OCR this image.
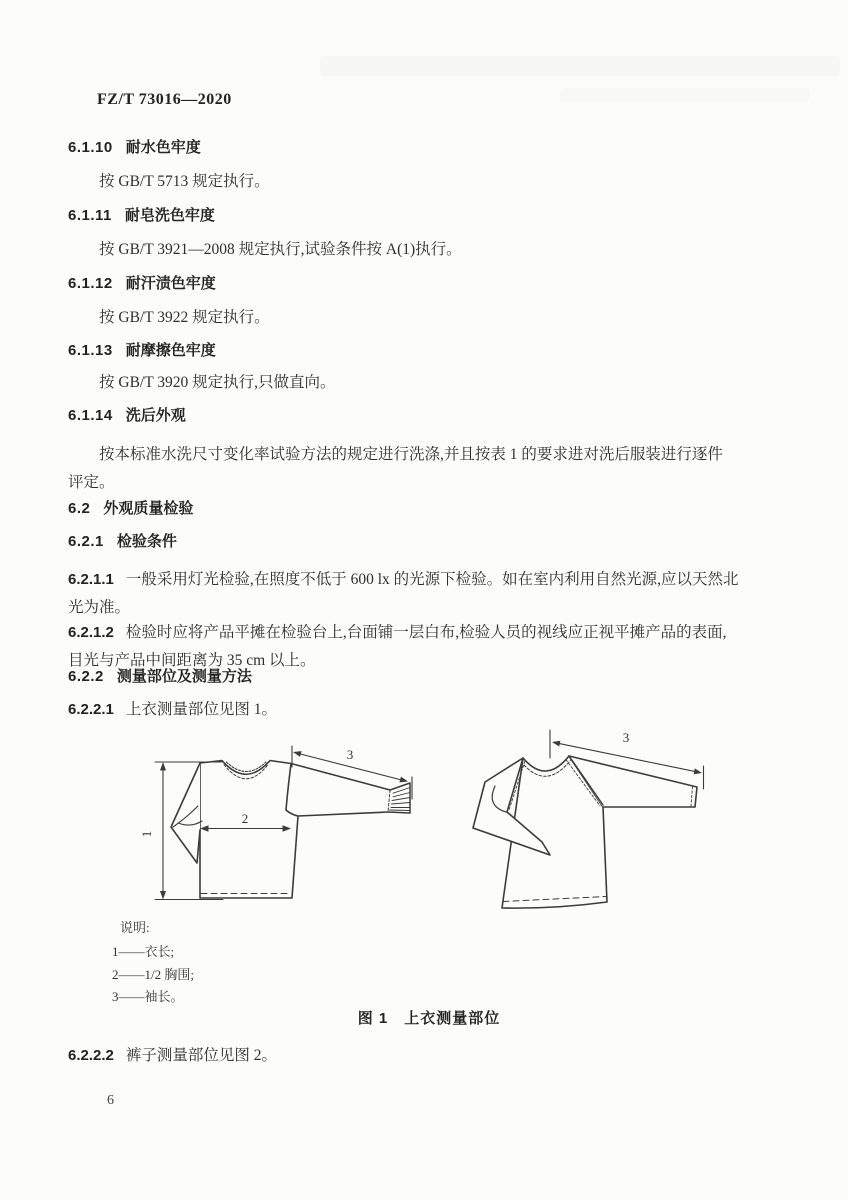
FZ/T 73016—2020
6.1.10 耐水色牢度
按 GB/T 5713 规定执行。
6.1.11 耐皂洗色牢度
按 GB/T 3921—2008 规定执行,试验条件按 A(1)执行。
6.1.12 耐汗渍色牢度
按 GB/T 3922 规定执行。
6.1.13 耐摩擦色牢度
按 GB/T 3920 规定执行,只做直向。
6.1.14 洗后外观
按本标准水洗尺寸变化率试验方法的规定进行洗涤,并且按表 1 的要求进对洗后服装进行逐件
评定。
6.2 外观质量检验
6.2.1 检验条件
6.2.1.1 一般采用灯光检验,在照度不低于 600 lx 的光源下检验。如在室内利用自然光源,应以天然北
光为准。
6.2.1.2 检验时应将产品平摊在检验台上,台面铺一层白布,检验人员的视线应正视平摊产品的表面,
目光与产品中间距离为 35 cm 以上。
6.2.2 测量部位及测量方法
6.2.2.1 上衣测量部位见图 1。
1
2
3
3
说明:
1——衣长;
2——1/2 胸围;
3——袖长。
图 1　上衣测量部位
6.2.2.2 裤子测量部位见图 2。
6
